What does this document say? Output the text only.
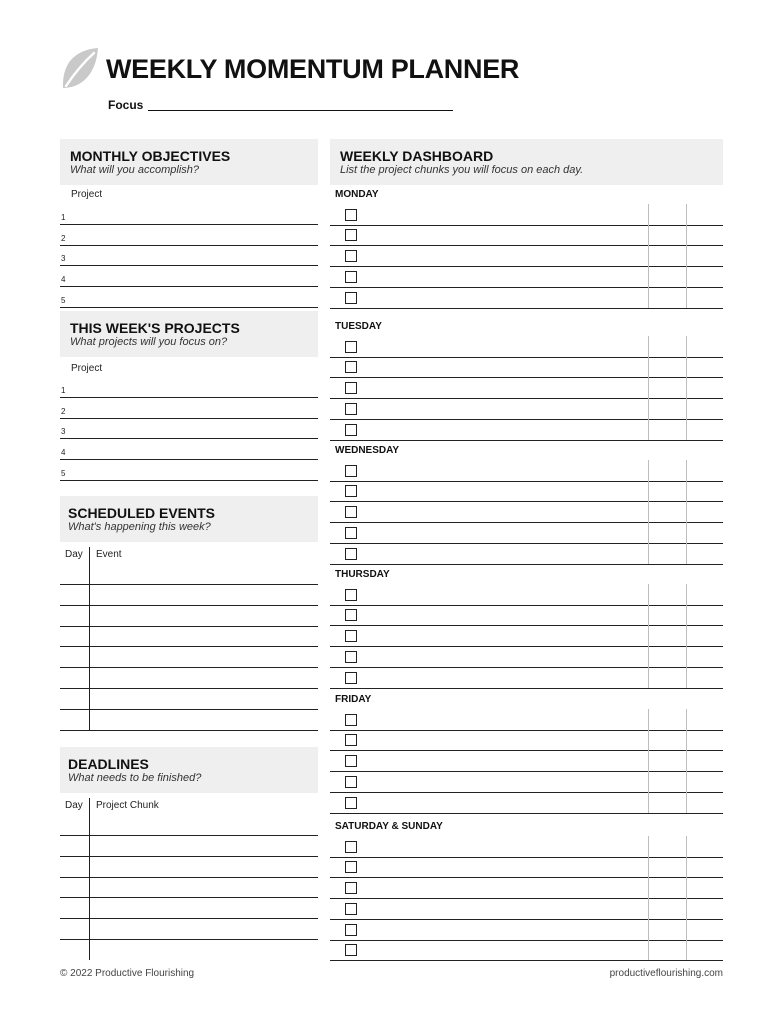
WEEKLY MOMENTUM PLANNER
Focus
MONTHLY OBJECTIVES
What will you accomplish?
Project
THIS WEEK'S PROJECTS
What projects will you focus on?
Project
SCHEDULED EVENTS
What's happening this week?
Day Event
DEADLINES
What needs to be finished?
Day Project Chunk
WEEKLY DASHBOARD
List the project chunks you will focus on each day.
© 2022 Productive Flourishing	productiveflourishing.com
1
2
3
4
5
1
2
3
4
5
MONDAY
TUESDAY
WEDNESDAY
THURSDAY
FRIDAY
SATURDAY & SUNDAY
